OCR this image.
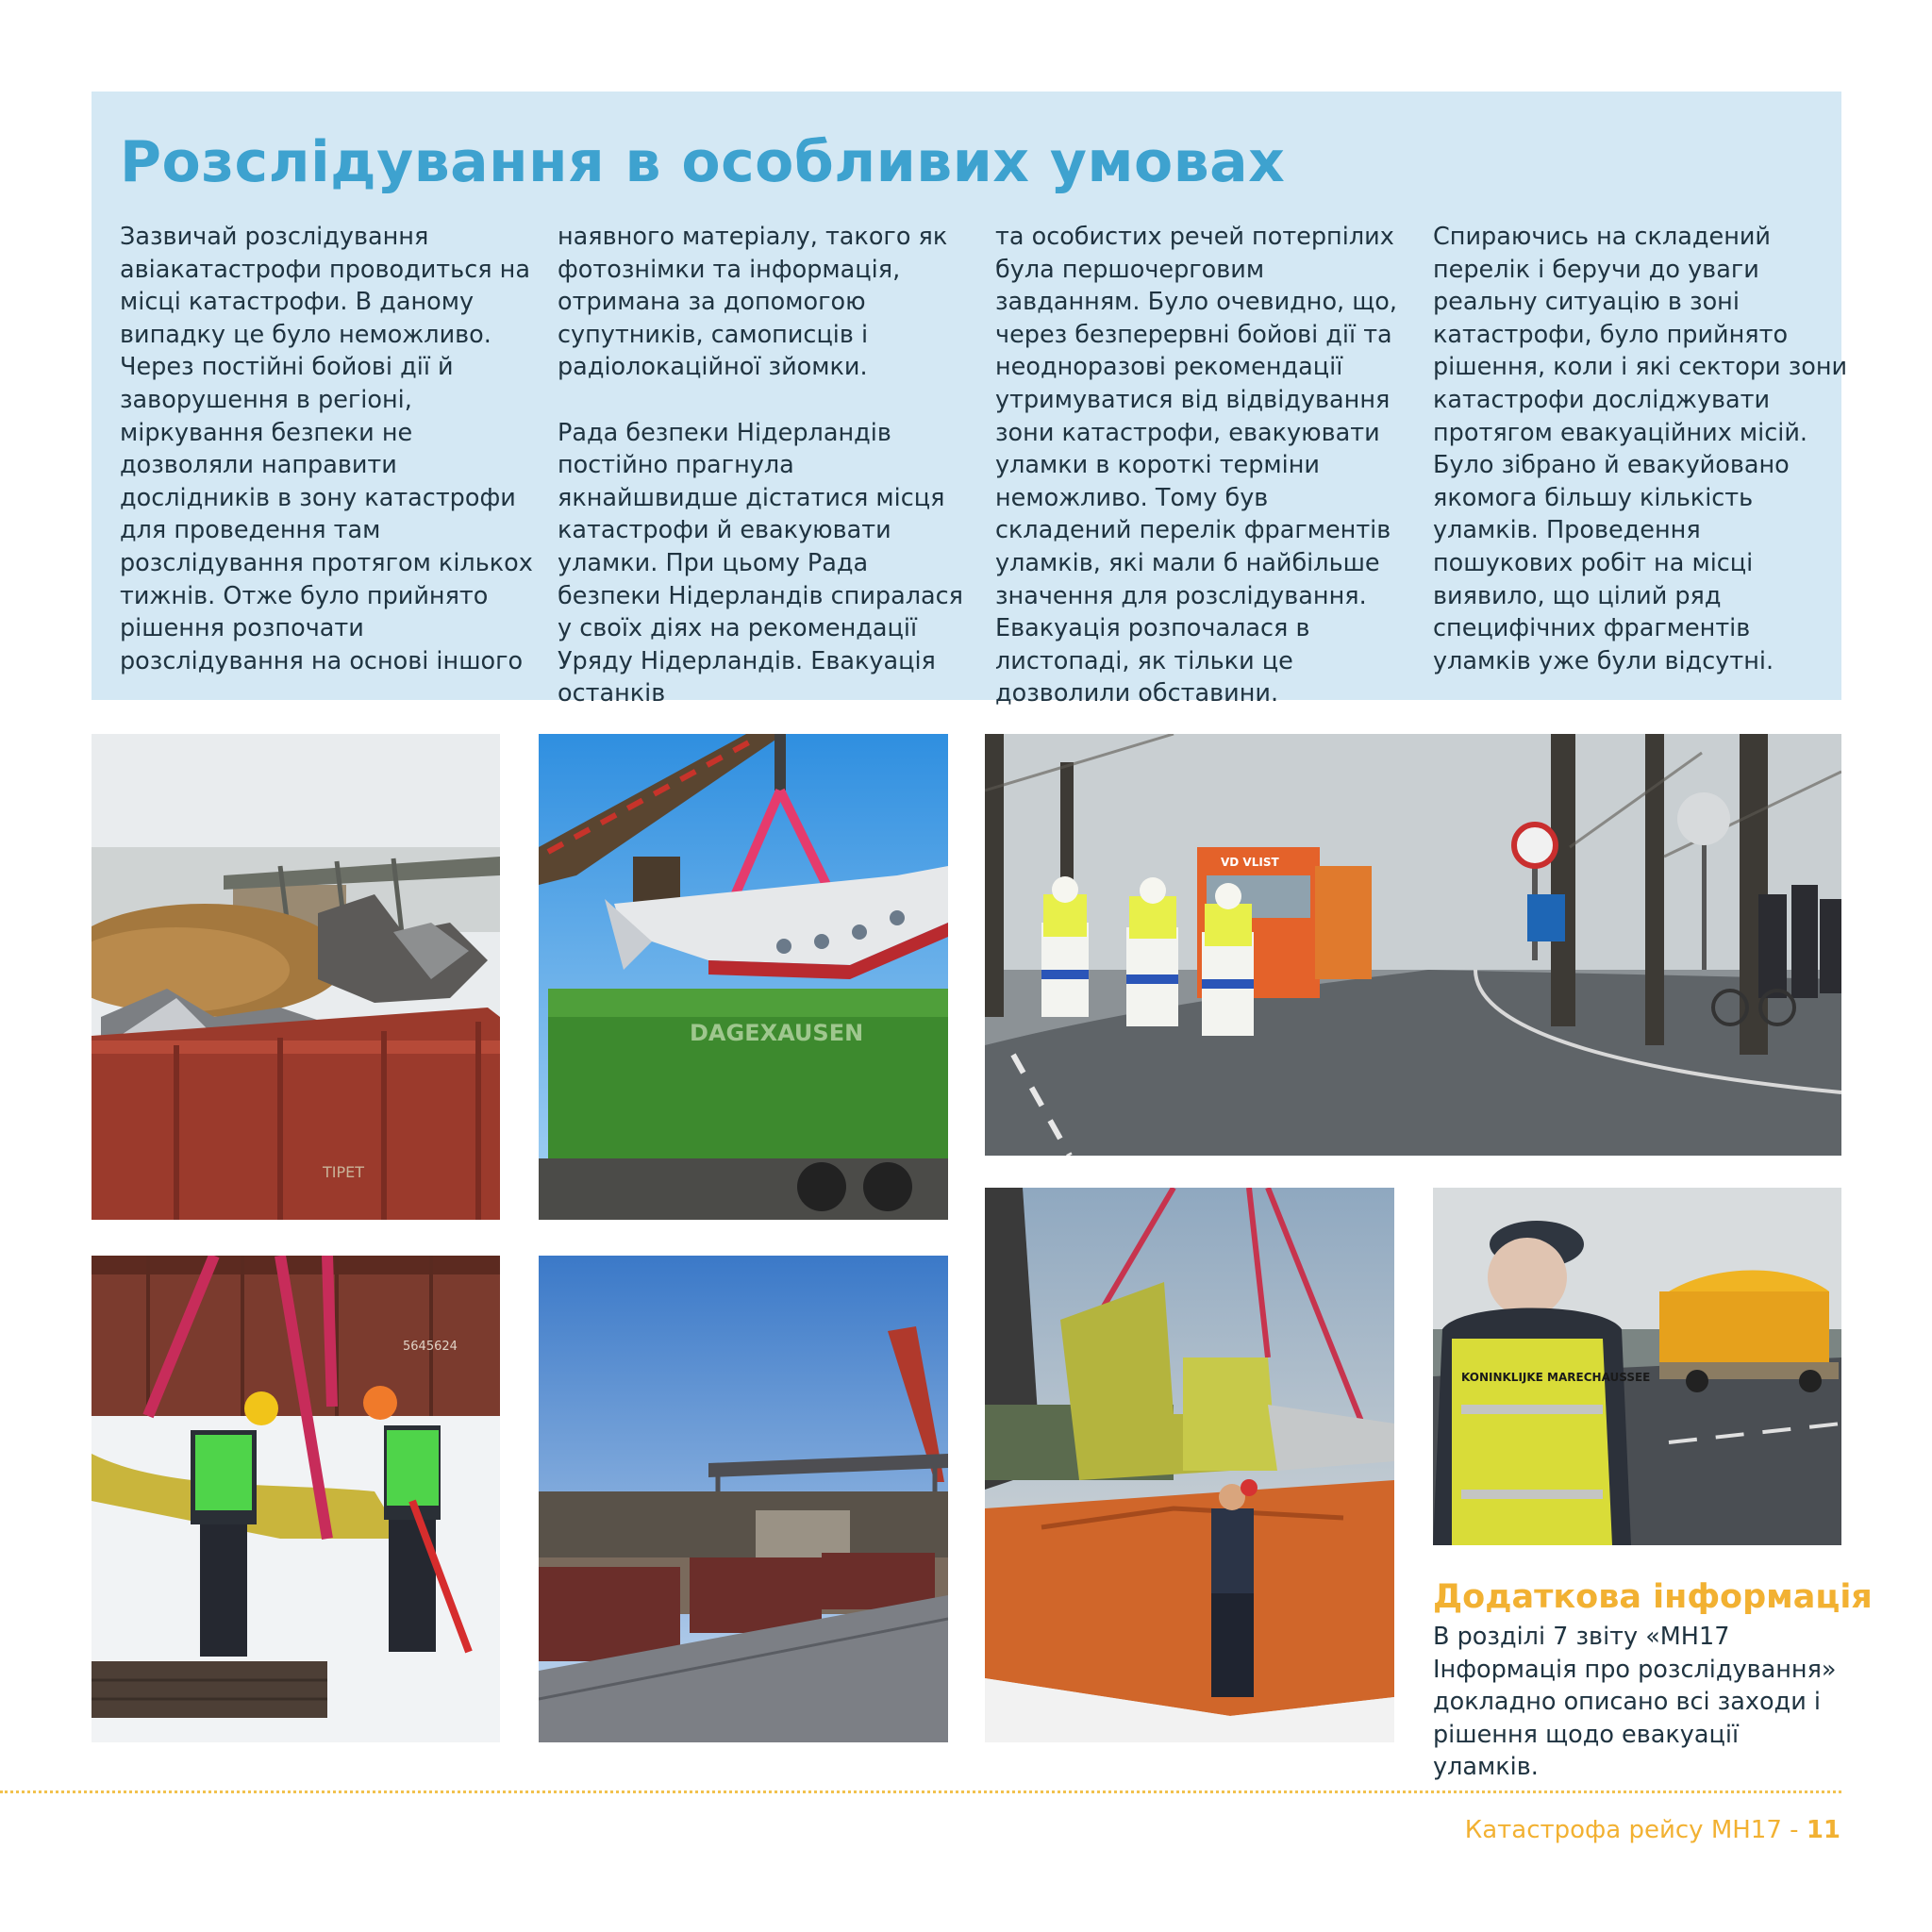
Розслідування в особливих умовах

Зазвичай розслідування авіакатастрофи проводиться на місці катастрофи. В даному випадку це було неможливо. Через постійні бойові дії й заворушення в регіоні, міркування безпеки не дозволяли направити дослідників в зону катастрофи для проведення там розслідування протягом кількох тижнів. Отже було прийнято рішення розпочати розслідування на основі іншого

наявного матеріалу, такого як фотознімки та інформація, отримана за допомогою супутників, самописців і радіолокаційної зйомки.

Рада безпеки Нідерландів постійно прагнула якнайшвидше дістатися місця катастрофи й евакуювати уламки. При цьому Рада безпеки Нідерландів спиралася у своїх діях на рекомендації Уряду Нідерландів. Евакуація останків

та особистих речей потерпілих була першочерговим завданням. Було очевидно, що, через безперервні бойові дії та неодноразові рекомендації утримуватися від відвідування зони катастрофи, евакуювати уламки в короткі терміни неможливо. Тому був складений перелік фрагментів уламків, які мали б найбільше значення для розслідування. Евакуація розпочалася в листопаді, як тільки це дозволили обставини.

Спираючись на складений перелік і беручи до уваги реальну ситуацію в зоні катастрофи, було прийнято рішення, коли і які сектори зони катастрофи досліджувати протягом евакуаційних місій. Було зібрано й евакуйовано якомога більшу кількість уламків. Проведення пошукових робіт на місці виявило, що цілий ряд специфічних фрагментів уламків уже були відсутні.

TIPET
DAGEXAUSEN
VD VLIST
5645624
KONINKLIJKE MARECHAUSSEE
Додаткова інформація

В розділі 7 звіту «MH17 Інформація про розслідування» докладно описано всі заходи і рішення щодо евакуації уламків.

Катастрофа рейсу MH17 - 11
